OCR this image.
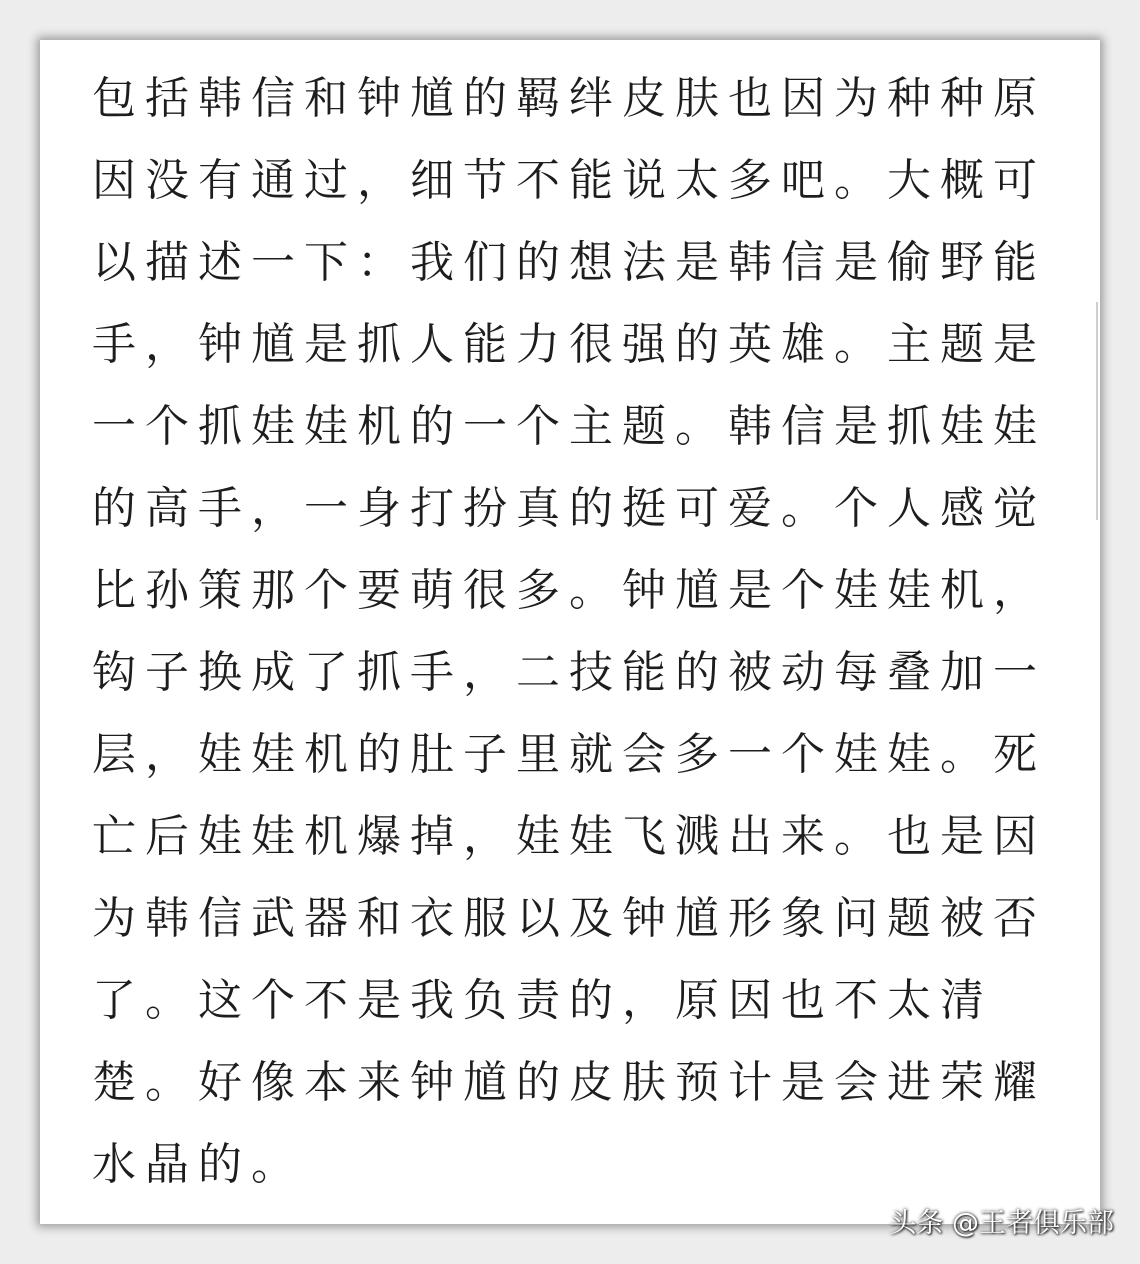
包括韩信和钟馗的羁绊皮肤也因为种种原
因没有通过，细节不能说太多吧。大概可
以描述一下：我们的想法是韩信是偷野能
手，钟馗是抓人能力很强的英雄。主题是
一个抓娃娃机的一个主题。韩信是抓娃娃
的高手，一身打扮真的挺可爱。个人感觉
比孙策那个要萌很多。钟馗是个娃娃机，
钩子换成了抓手，二技能的被动每叠加一
层，娃娃机的肚子里就会多一个娃娃。死
亡后娃娃机爆掉，娃娃飞溅出来。也是因
为韩信武器和衣服以及钟馗形象问题被否
了。这个不是我负责的，原因也不太清
楚。好像本来钟馗的皮肤预计是会进荣耀
水晶的。
头条 @王者俱乐部
